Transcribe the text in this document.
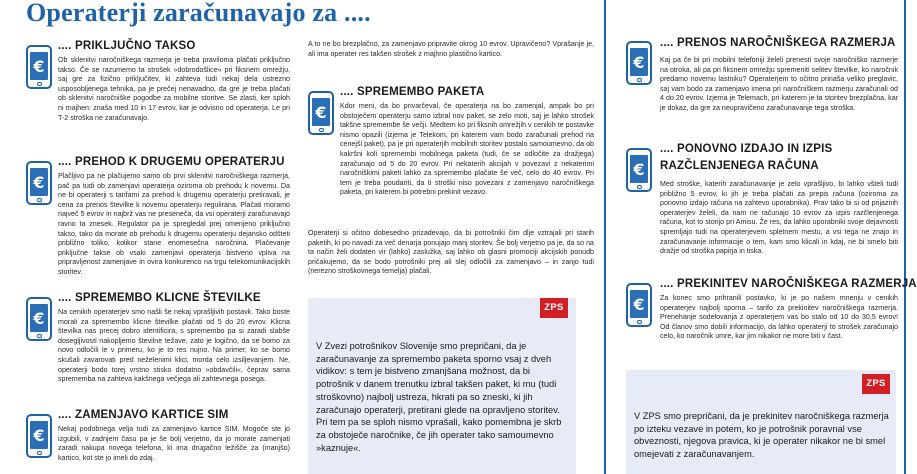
Operaterji zaračunavajo za ....
€
.... PRIKLJUČNO TAKSO
Ob sklenitvi naročniškega razmerja je treba praviloma plačati priključno takso. Če se razumemo ta strošek »dobrodošlice« pri fiksnem omrežju, saj gre za fizično priključitev, ki zahteva tudi nekaj dela ustrezno usposobljenega tehnika, pa je prečej nenavadno, da gre je treba plačati ob sklenitvi naročniške pogodbe za mobilne storitve. Se zlasti, ker sploh ni majhen: znaša med 10 in 17 evrov, kar je odvisno od operaterja. Le pri T-2 stroška ne zaračunavajo.
€
.... PREHOD K DRUGEMU OPERATERJU
Plačljivo pa ne plačujemo samo ob prvi sklenitvi naročniškega razmerja, pač pa tudi ob zamenjavi operaterja oziroma ob prehodu k novemu. Da ne bi operaterji s tarifami za prehod k drugemu operaterju pretiravali, je cena za prenos številke k novemu operaterju regulirana. Plačati moramo največ 5 evrov in najbrž vas ne preseneča, da vsi operaterji zaračunavajo ravno ta znesek. Regulator pa je spregledal prej omenjeno priključno takso, tako da morate ob prehodu k drugemu operaterju dejansko odšteti približno toliko, kolikor stane enomesečna naročnina. Plačevanje priključne takse ob vsaki zamenjavi operaterja bistveno vpliva na pripravljenost zamenjave in ovira konkurenco na trgu telekomunikacijskih storitev.
€
.... SPREMEMBO KLICNE ŠTEVILKE
Na cenikih operaterjev smo našli še nekaj vprašljivih postavk. Tako boste morali za spremembo klicne številke plačati od 5 do 20 evrov. Klicna številka nas precej dobro identificira, s spremembo pa si zaradi slabše dosegljivosti nakopljemo številne težave, zato je logično, da se bomo za novo odločili le v primeru, ko je to res nujno. Na primer, ko se bomo skušali zavarovati pred neželenimi klici, morda celo izsiljevanjem. Ne, operaterji bodo torej vrstno stisko dodatno »obdavčili«, čeprav sama sprememba na zahteva kakšnega večjega ali zahtevnega posega.
€
.... ZAMENJAVO KARTICE SIM
Nekaj podobnega velja tudi za zamenjavo kartice SIM. Mogoče ste jo izgubili, v zadnjem času pa je še bolj verjetno, da jo morate zamenjati zaradi nakupa novega telefona, ki ima drugačno ležišče za (manjšo) kartico, kot ste jo imeli do zdaj.
A to ne bo brezplačno, za zamenjavo pripravite okrog 10 evrov. Upravičeno? Vprašanje je, ali ima operater res takšen strošek z majhno plastično kartico.
€
.... SPREMEMBO PAKETA
Kdor meni, da bo privarčeval, če operaterja na bo zamenjal, ampak bo pri obstoječem operaterju samo izbral nov paket, se zelo moti, saj je lahko strošek takšne spremembe še večji. Medtem ko pri fiksnih omrežjih v cenikih te postavke nismo opazili (izjema je Telekom, pri katerem vam bodo zaračunali prehod na cenejši paket), pa je pri operaterjih mobilnih storitev postalo samoumevno, da ob kakršni koli spremembi mobilnega paketa (tudi, če se odločite za dražjega) zaračunajo od 5 do 20 evrov. Pri nekaterih akcijah v povezavi z nekaterimi naročniškimi paketi lahko za spremembo plačate še več, celo do 40 evrov. Pri tem je treba poudariti, da ti stroški niso povezani z zamenjavo naročniškega paketa, pri katerem bi potrebni prekinit vezavo.
Operaterji si očitno dobesedno prizadevajo, da bi potrošniki čim dlje vztrajali pri starih paketih, ki po navadi za več denarja ponujajo manj storitev. Še bolj verjetno pa je, da so na ta način želi dodaten vir (lahko) zaslužka, saj lahko ob glasni promociji akcijskih ponudb pričakujemo, da se bodo potrošniki prej ali slej odločili za zamenjavo – in zanjo tudi (nerezno stroškovnega temelja) plačali.
ZPS
V Zvezi potrošnikov Slovenije smo prepričani, da je zaračunavanje za spremembo paketa sporno vsaj z dveh vidikov: s tem je bistveno zmanjšana možnost, da bi potrošnik v danem trenutku izbral takšen paket, ki mu (tudi stroškovno) najbolj ustreza, hkrati pa so zneski, ki jih zaračunajo operaterji, pretirani glede na opravljeno storitev. Pri tem pa se sploh nismo vprašali, kako pomembna je skrb za obstoječe naročnike, če jih operater tako samoumevno »kaznuje«.
€
.... PRENOS NAROČNIŠKEGA RAZMERJA
Kaj pa če bi pri mobilni telefoniji želeli prenesti svoje naročniško razmerje na otroka, ali pa pri fiksnem omrežju spremeniti selitev številke, ko naročnik predamo novemu lastniku? Operaterjem to očitno prinaša veliko preglavic, saj vam bodo za zamenjavo imena pri naročniškem razmerju zaračunali od 4 do 20 evrov. Izjema je Telemach, pri katerem je ta storitev brezplačna, kar je dokaz, da gre za neupravičeno zaračunavanje tega stroška.
€
.... PONOVNO IZDAJO IN IZPIS
RAZČLENJENEGA RAČUNA
Med stroške, katerih zaračunavanje je zelo vprašljivo, bi lahko všteli tudi približno 5 evrov, ki jih je treba plačati za prepis računa (oziroma za ponovno izdajo računa na zahtevo uporabnika). Prav tako bi si od prijaznih operaterjev želeli, da nam ne računajo 10 evrov za izpis razčlenjenega računa, kot to storijo pri Amisu. Že res, da lahko uporabniki svoje dejavnosti spremljajo tudi na operaterjevem spletnem mestu, a vsi tega ne znajo in zaračunavanje informacije o tem, kam smo klicali in kdaj, ne bi smelo biti dražje od stroška papirja in tiska.
€
.... PREKINITEV NAROČNIŠKEGA RAZMERJA
Za konec smo prihranili postavko, ki je po našem mnenju v cenikih operaterjev najbolj sporna – tarifo za prekinitev naročniškega razmerja. Prenehanje sodelovanja z operaterjem vas bo stalo od 10 do 30,5 evrov! Od članov smo dobili informacijo, da lahko operaterji to strošek zaračunajo celo, ko naročnik umre, kar jim nikakor ne more biti v čast.
ZPS
V ZPS smo prepričani, da je prekinitev naročniškega razmerja po izteku vezave in potem, ko je potrošnik poravnal vse obveznosti, njegova pravica, ki je operater nikakor ne bi smel omejevati z zaračunavanjem.
